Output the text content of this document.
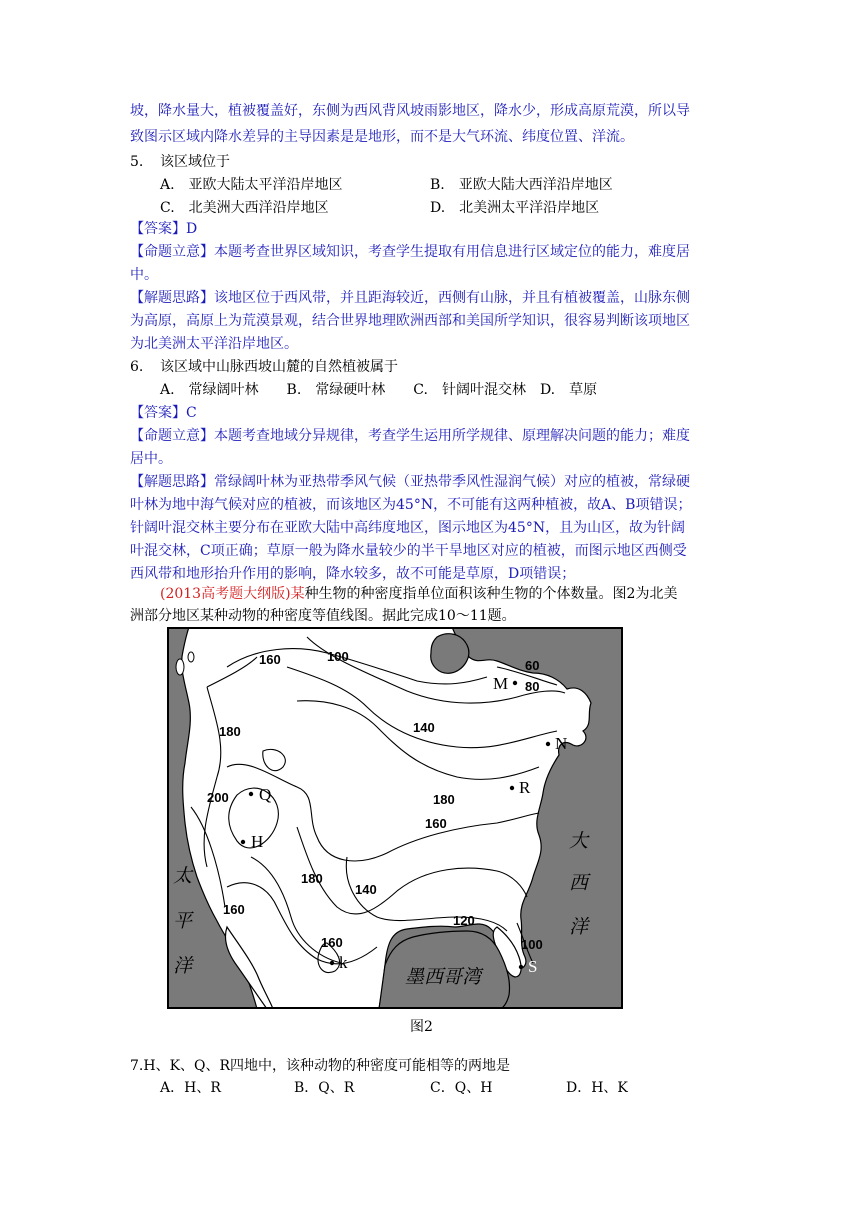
坡，降水量大，植被覆盖好，东侧为西风背风坡雨影地区，降水少，形成高原荒漠，所以导
致图示区域内降水差异的主导因素是是地形，而不是大气环流、纬度位置、洋流。
5. 该区域位于
A.　亚欧大陆太平洋沿岸地区	B.　亚欧大陆大西洋沿岸地区
C.　北美洲大西洋沿岸地区	D.　北美洲太平洋沿岸地区
【答案】D
【命题立意】本题考查世界区域知识，考查学生提取有用信息进行区域定位的能力，难度居
中。
【解题思路】该地区位于西风带，并且距海较近，西侧有山脉，并且有植被覆盖，山脉东侧
为高原，高原上为荒漠景观，结合世界地理欧洲西部和美国所学知识，很容易判断该项地区
为北美洲太平洋沿岸地区。
6. 该区域中山脉西坡山麓的自然植被属于
A.　常绿阔叶林　　B.　常绿硬叶林　　C.　针阔叶混交林　D.　草原
【答案】C
【命题立意】本题考查地域分异规律，考查学生运用所学规律、原理解决问题的能力；难度
居中。
【解题思路】常绿阔叶林为亚热带季风气候（亚热带季风性湿润气候）对应的植被，常绿硬
叶林为地中海气候对应的植被，而该地区为45°N，不可能有这两种植被，故A、B项错误；
针阔叶混交林主要分布在亚欧大陆中高纬度地区，图示地区为45°N，且为山区，故为针阔
叶混交林，C项正确；草原一般为降水量较少的半干旱地区对应的植被，而图示地区西侧受
西风带和地形抬升作用的影响，降水较多，故不可能是草原，D项错误；
(2013高考题大纲版)某种生物的种密度指单位面积该种生物的个体数量。图2为北美
洲部分地区某种动物的种密度等值线图。据此完成10～11题。
160	100
60
80
180	140
200	180
160
180
140
120
160
160	100
M
N
R
Q
H
k	S
太
平
洋
大
西
洋
墨西哥湾
图2
7.H、K、Q、R四地中，该种动物的种密度可能相等的两地是
A．H、R	B．Q、R	C．Q、H	D．H、K
